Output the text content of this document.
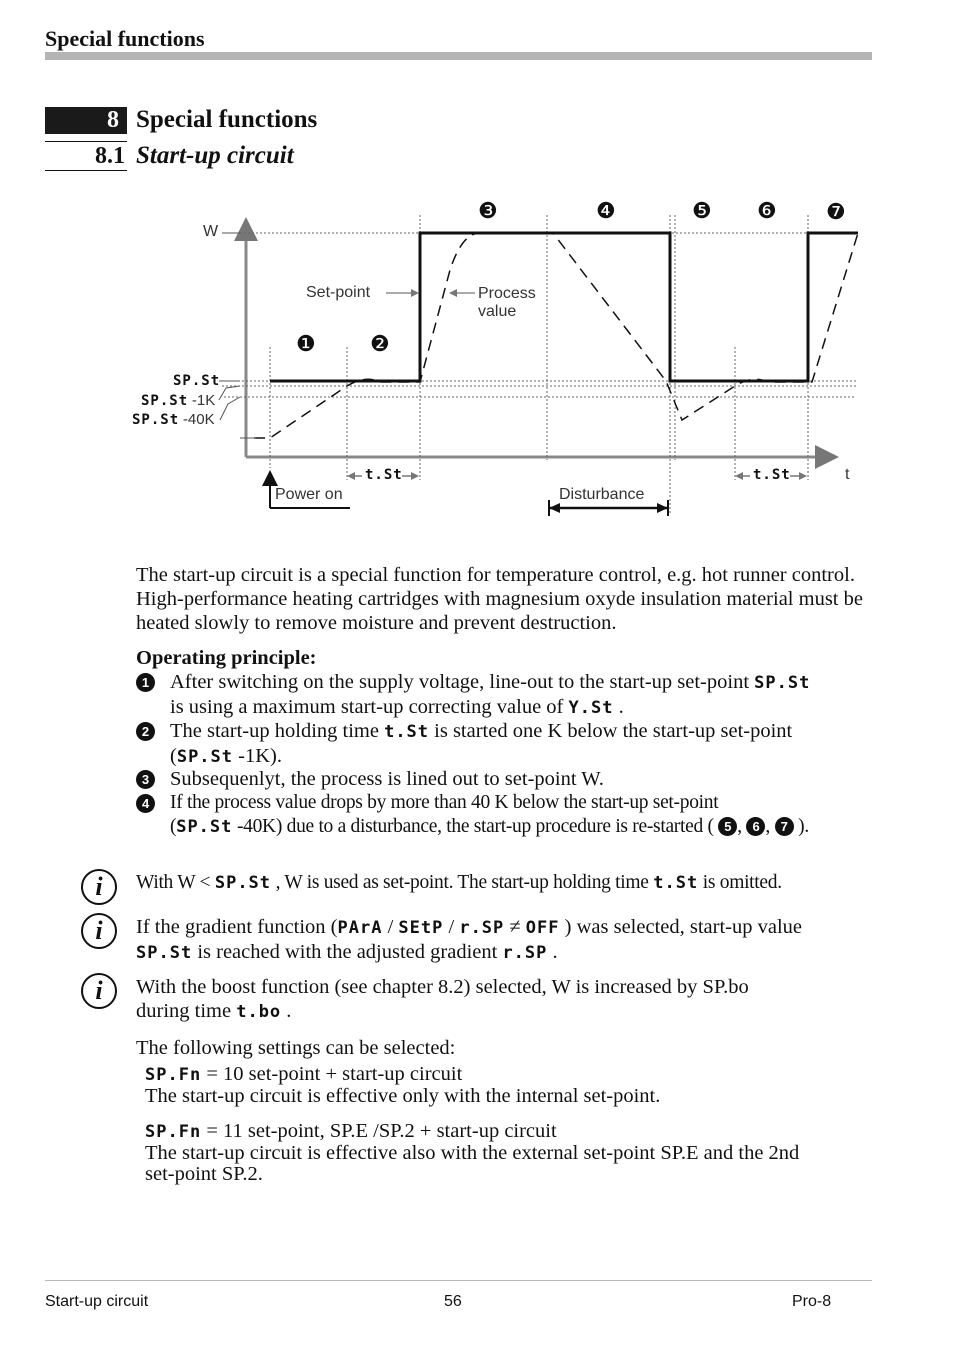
Special functions
8 Special functions
8.1 Start-up circuit
❸	❹	❺ ❻ ❼
❶ ❷
W
Set-point	Process
value
SP.St
SP.St -1K
SP.St -40K
t.St	t.St	t
Power on	Disturbance
The start-up circuit is a special function for temperature control, e.g. hot runner control. High-performance heating cartridges with magnesium oxyde insulation material must be heated slowly to remove moisture and prevent destruction.
Operating principle:
1 After switching on the supply voltage, line-out to the start-up set-point SP.St
is using a maximum start-up correcting value of Y.St .
2 The start-up holding time t.St is started one K below the start-up set-point
(SP.St -1K).
3 Subsequenlyt, the process is lined out to set-point W.
4	If the process value drops by more than 40 K below the start-up set-point
(SP.St -40K) due to a disturbance, the start-up procedure is re-started ( 5 , 6 , 7 ).
i	With W < SP.St , W is used as set-point. The start-up holding time t.St is omitted.
i	If the gradient function (PArA / SEtP / r.SP ≠ OFF ) was selected, start-up value
SP.St is reached with the adjusted gradient r.SP .
i	With the boost function (see chapter 8.2) selected, W is increased by SP.bo
during time t.bo .
The following settings can be selected:
SP.Fn = 10 set-point + start-up circuit
The start-up circuit is effective only with the internal set-point.
SP.Fn = 11 set-point, SP.E /SP.2 + start-up circuit
The start-up circuit is effective also with the external set-point SP.E and the 2nd
set-point SP.2.
Start-up circuit	56	Pro-8
